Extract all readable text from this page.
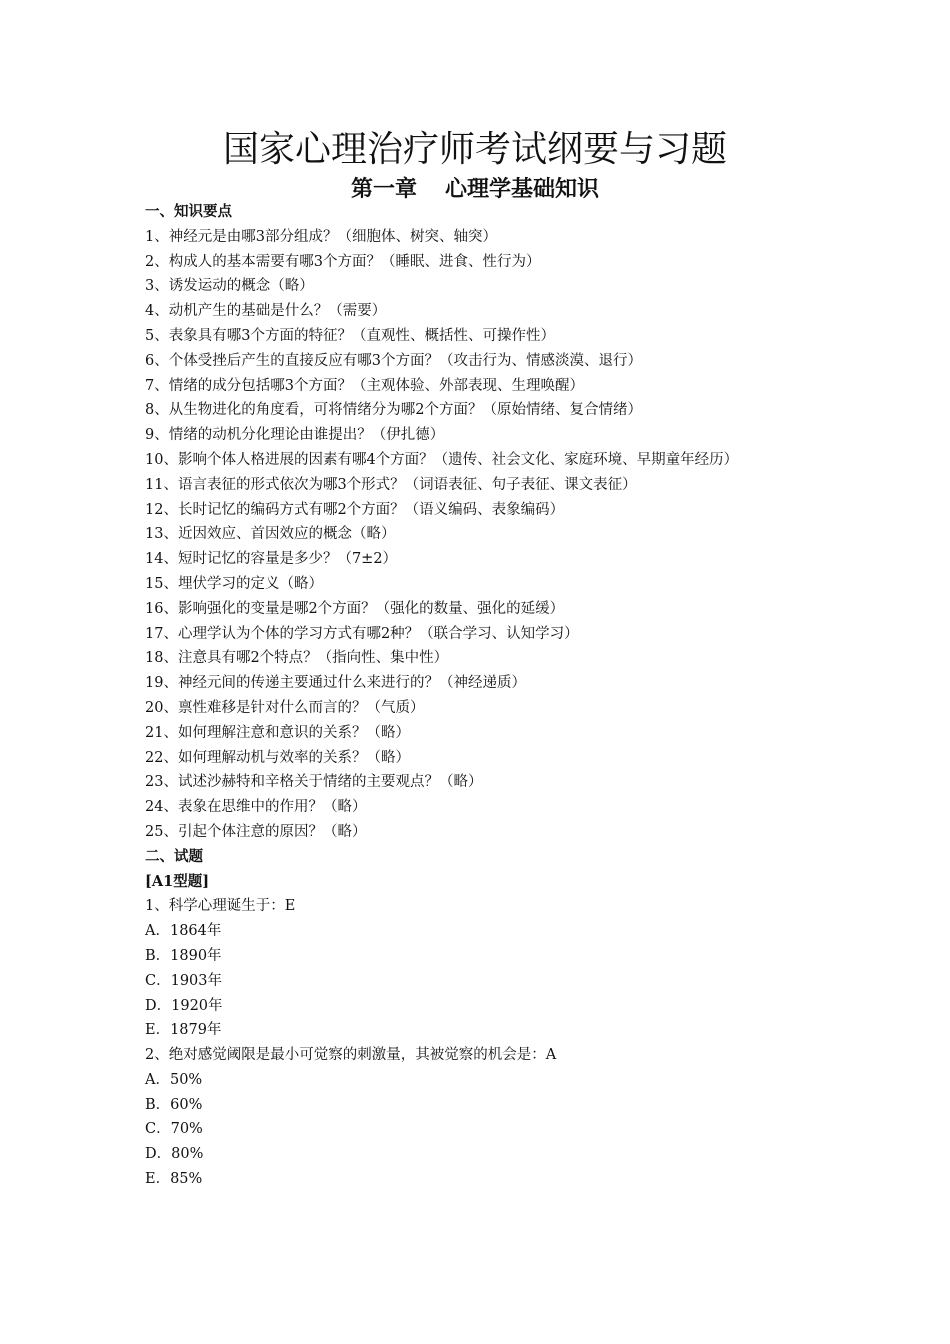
国家心理治疗师考试纲要与习题
第一章 心理学基础知识
一、知识要点
1、神经元是由哪3部分组成？（细胞体、树突、轴突）
2、构成人的基本需要有哪3个方面？（睡眠、进食、性行为）
3、诱发运动的概念（略）
4、动机产生的基础是什么？（需要）
5、表象具有哪3个方面的特征？（直观性、概括性、可操作性）
6、个体受挫后产生的直接反应有哪3个方面？（攻击行为、情感淡漠、退行）
7、情绪的成分包括哪3个方面？（主观体验、外部表现、生理唤醒）
8、从生物进化的角度看，可将情绪分为哪2个方面？（原始情绪、复合情绪）
9、情绪的动机分化理论由谁提出？（伊扎德）
10、影响个体人格进展的因素有哪4个方面？（遗传、社会文化、家庭环境、早期童年经历）
11、语言表征的形式依次为哪3个形式？（词语表征、句子表征、课文表征）
12、长时记忆的编码方式有哪2个方面？（语义编码、表象编码）
13、近因效应、首因效应的概念（略）
14、短时记忆的容量是多少？（7±2）
15、埋伏学习的定义（略）
16、影响强化的变量是哪2个方面？（强化的数量、强化的延缓）
17、心理学认为个体的学习方式有哪2种？（联合学习、认知学习）
18、注意具有哪2个特点？（指向性、集中性）
19、神经元间的传递主要通过什么来进行的？（神经递质）
20、禀性难移是针对什么而言的？（气质）
21、如何理解注意和意识的关系？（略）
22、如何理解动机与效率的关系？（略）
23、试述沙赫特和辛格关于情绪的主要观点？（略）
24、表象在思维中的作用？（略）
25、引起个体注意的原因？（略）
二、试题
[A1型题]
1、科学心理诞生于：E
A．1864年
B．1890年
C．1903年
D．1920年
E．1879年
2、绝对感觉阈限是最小可觉察的刺激量，其被觉察的机会是：A
A．50%
B．60%
C．70%
D．80%
E．85%
